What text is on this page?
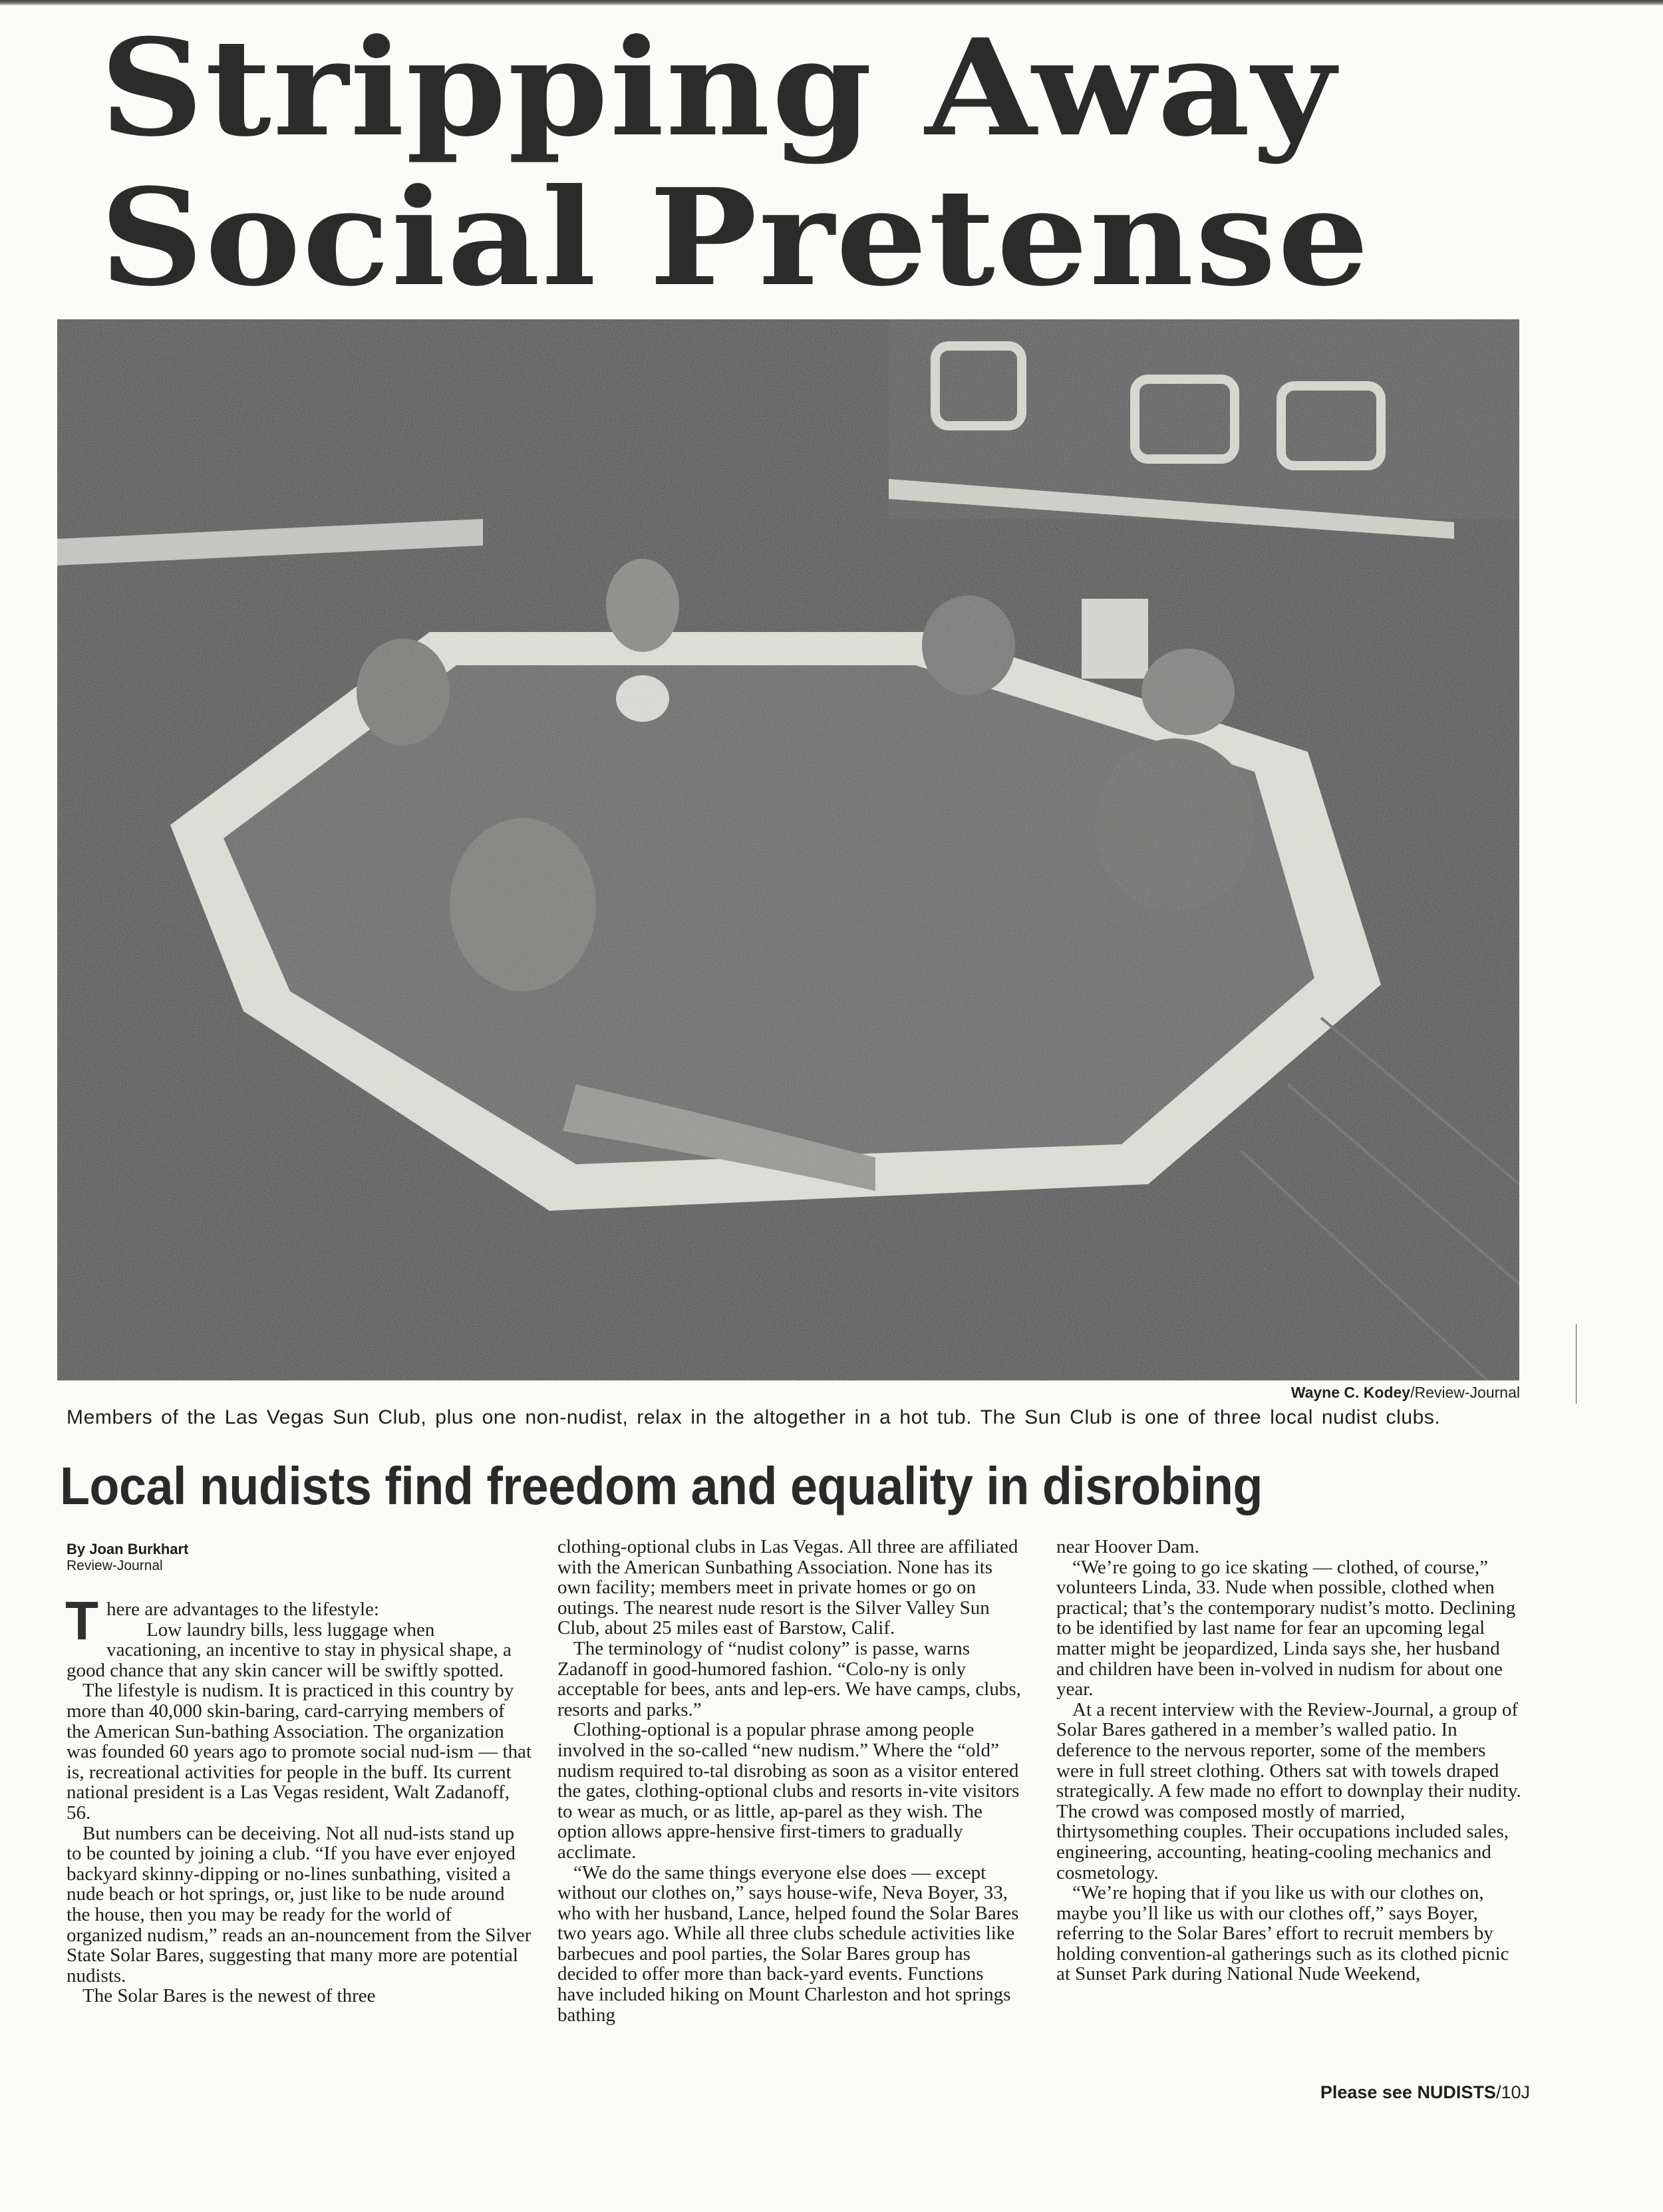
Stripping Away
Social Pretense
Wayne C. Kodey/Review-Journal
Members of the Las Vegas Sun Club, plus one non-nudist, relax in the altogether in a hot tub. The Sun Club is one of three local nudist clubs.
Local nudists find freedom and equality in disrobing
By Joan Burkhart
Review-Journal

There are advantages to the lifestyle:
Low laundry bills, less luggage when vacationing, an incentive to stay in physical shape, a good chance that any skin cancer will be swiftly spotted.

The lifestyle is nudism. It is practiced in this country by more than 40,000 skin-baring, card-carrying members of the American Sun-bathing Association. The organization was founded 60 years ago to promote social nud-ism — that is, recreational activities for people in the buff. Its current national president is a Las Vegas resident, Walt Zadanoff, 56.

But numbers can be deceiving. Not all nud-ists stand up to be counted by joining a club. “If you have ever enjoyed backyard skinny-dipping or no-lines sunbathing, visited a nude beach or hot springs, or, just like to be nude around the house, then you may be ready for the world of organized nudism,” reads an an-nouncement from the Silver State Solar Bares, suggesting that many more are potential nudists.

The Solar Bares is the newest of three

clothing-optional clubs in Las Vegas. All three are affiliated with the American Sunbathing Association. None has its own facility; members meet in private homes or go on outings. The nearest nude resort is the Silver Valley Sun Club, about 25 miles east of Barstow, Calif.

The terminology of “nudist colony” is passe, warns Zadanoff in good-humored fashion. “Colo-ny is only acceptable for bees, ants and lep-ers. We have camps, clubs, resorts and parks.”

Clothing-optional is a popular phrase among people involved in the so-called “new nudism.” Where the “old” nudism required to-tal disrobing as soon as a visitor entered the gates, clothing-optional clubs and resorts in-vite visitors to wear as much, or as little, ap-parel as they wish. The option allows appre-hensive first-timers to gradually acclimate.

“We do the same things everyone else does — except without our clothes on,” says house-wife, Neva Boyer, 33, who with her husband, Lance, helped found the Solar Bares two years ago. While all three clubs schedule activities like barbecues and pool parties, the Solar Bares group has decided to offer more than back-yard events. Functions have included hiking on Mount Charleston and hot springs bathing

near Hoover Dam.

“We’re going to go ice skating — clothed, of course,” volunteers Linda, 33. Nude when possible, clothed when practical; that’s the contemporary nudist’s motto. Declining to be identified by last name for fear an upcoming legal matter might be jeopardized, Linda says she, her husband and children have been in-volved in nudism for about one year.

At a recent interview with the Review-Journal, a group of Solar Bares gathered in a member’s walled patio. In deference to the nervous reporter, some of the members were in full street clothing. Others sat with towels draped strategically. A few made no effort to downplay their nudity. The crowd was composed mostly of married, thirtysomething couples. Their occupations included sales, engineering, accounting, heating-cooling mechanics and cosmetology.

“We’re hoping that if you like us with our clothes on, maybe you’ll like us with our clothes off,” says Boyer, referring to the Solar Bares’ effort to recruit members by holding convention-al gatherings such as its clothed picnic at Sunset Park during National Nude Weekend,

Please see NUDISTS/10J
